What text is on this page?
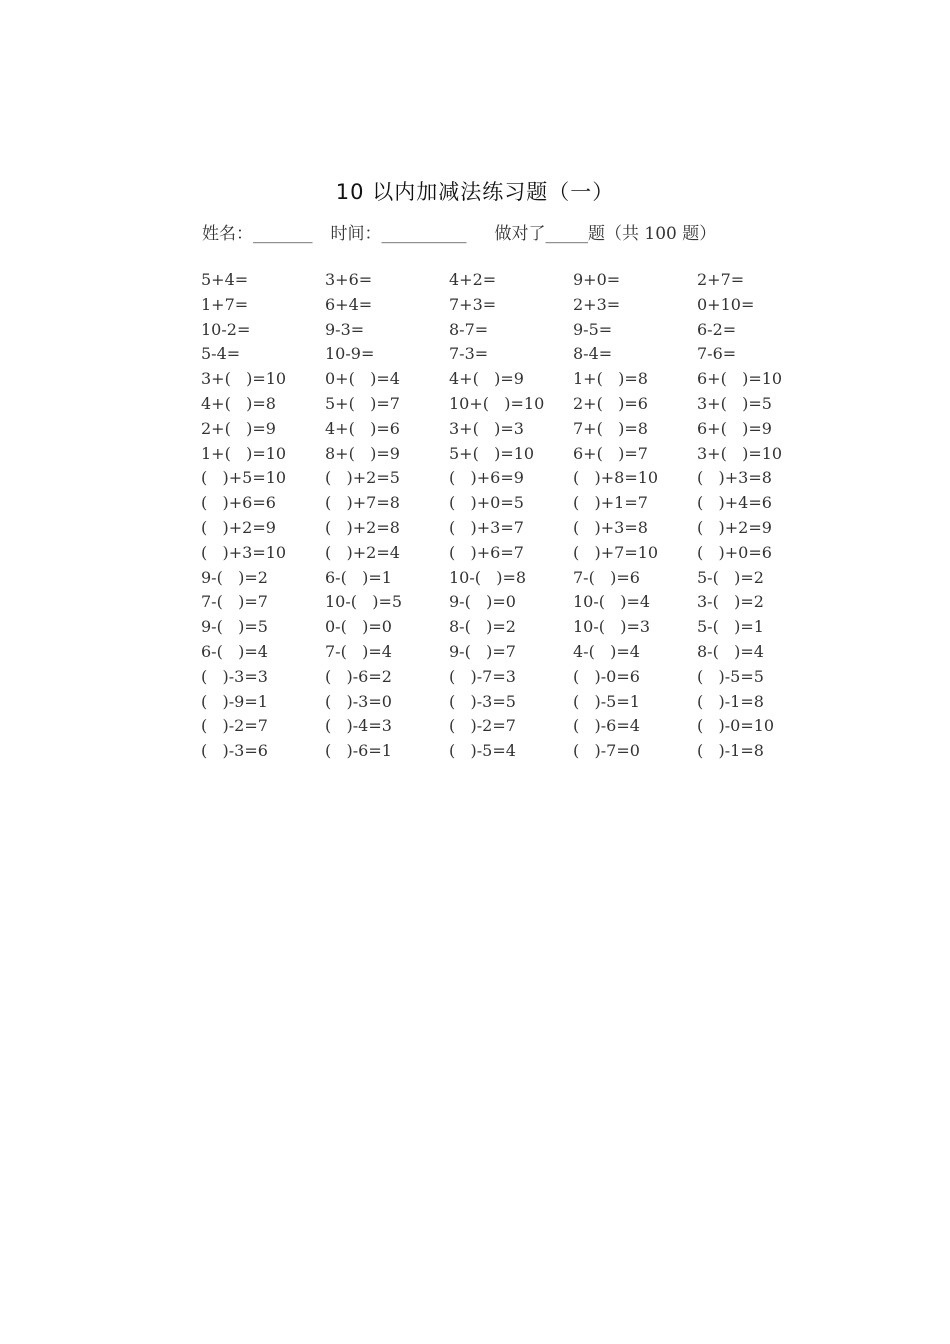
10 以内加减法练习题（一）
姓名：_______ 时间：__________ 做对了_____题（共 100 题）
5+4=	3+6=	4+2=	9+0=	2+7=
1+7=	6+4=	7+3=	2+3=	0+10=
10-2=	9-3=	8-7=	9-5=	6-2=
5-4=	10-9=	7-3=	8-4=	7-6=
3+(   )=10	0+(   )=4	4+(   )=9	1+(   )=8	6+(   )=10
4+(   )=8	5+(   )=7	10+(   )=10	2+(   )=6	3+(   )=5
2+(   )=9	4+(   )=6	3+(   )=3	7+(   )=8	6+(   )=9
1+(   )=10	8+(   )=9	5+(   )=10	6+(   )=7	3+(   )=10
(   )+5=10	(   )+2=5	(   )+6=9	(   )+8=10	(   )+3=8
(   )+6=6	(   )+7=8	(   )+0=5	(   )+1=7	(   )+4=6
(   )+2=9	(   )+2=8	(   )+3=7	(   )+3=8	(   )+2=9
(   )+3=10	(   )+2=4	(   )+6=7	(   )+7=10	(   )+0=6
9-(   )=2	6-(   )=1	10-(   )=8	7-(   )=6	5-(   )=2
7-(   )=7	10-(   )=5	9-(   )=0	10-(   )=4	3-(   )=2
9-(   )=5	0-(   )=0	8-(   )=2	10-(   )=3	5-(   )=1
6-(   )=4	7-(   )=4	9-(   )=7	4-(   )=4	8-(   )=4
(   )-3=3	(   )-6=2	(   )-7=3	(   )-0=6	(   )-5=5
(   )-9=1	(   )-3=0	(   )-3=5	(   )-5=1	(   )-1=8
(   )-2=7	(   )-4=3	(   )-2=7	(   )-6=4	(   )-0=10
(   )-3=6	(   )-6=1	(   )-5=4	(   )-7=0	(   )-1=8
